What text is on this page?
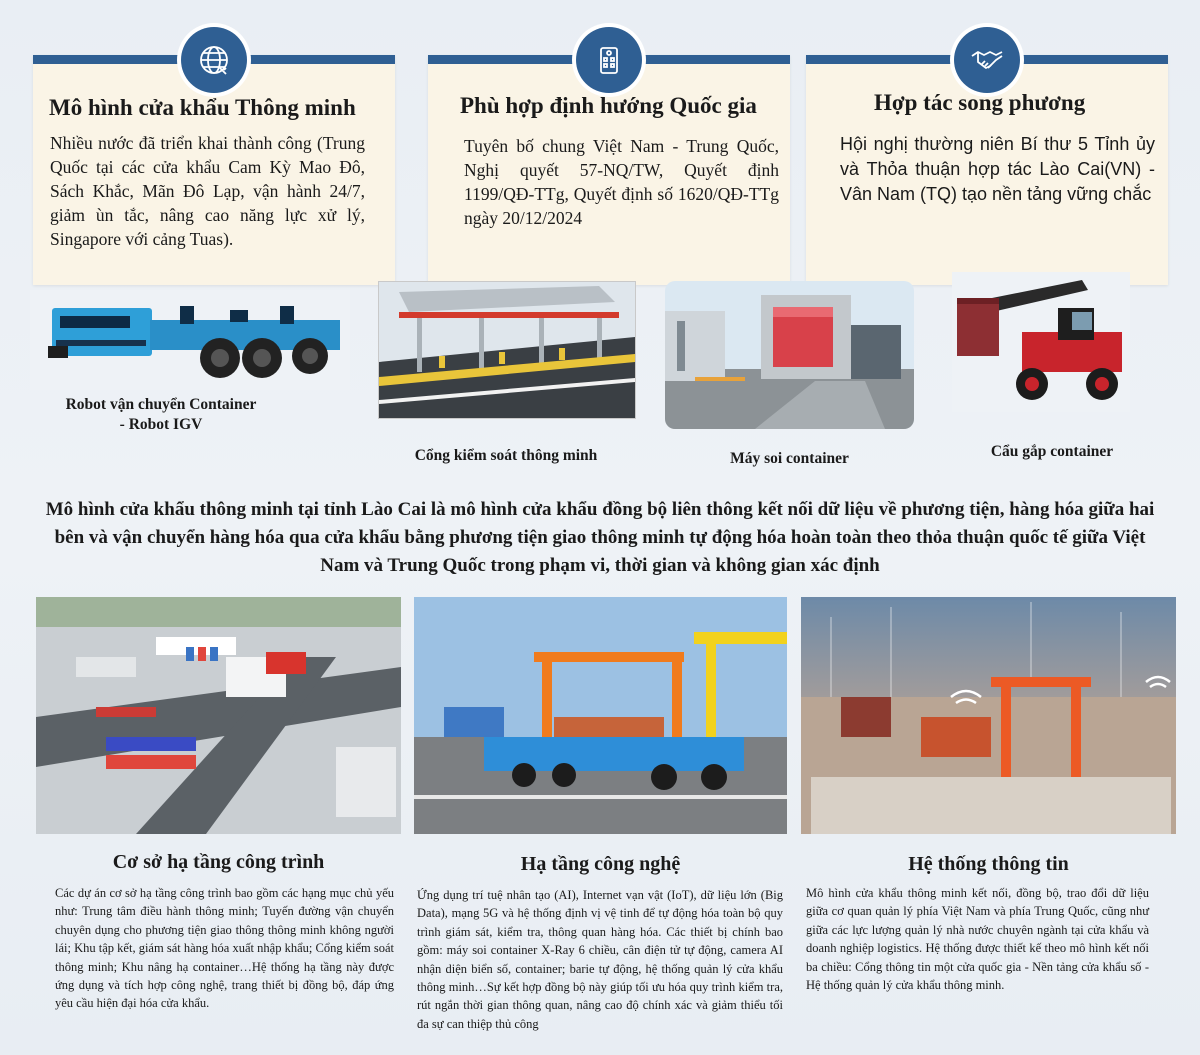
Mô hình cửa khẩu Thông minh

Nhiều nước đã triển khai thành công (Trung Quốc tại các cửa khẩu Cam Kỳ Mao Đô, Sách Khắc, Mãn Đô Lạp, vận hành 24/7, giảm ùn tắc, nâng cao năng lực xử lý, Singapore với cảng Tuas).

Phù hợp định hướng Quốc gia

Tuyên bố chung Việt Nam - Trung Quốc, Nghị quyết 57-NQ/TW, Quyết định 1199/QĐ-TTg, Quyết định số 1620/QĐ-TTg ngày 20/12/2024

Hợp tác song phương

Hội nghị thường niên Bí thư 5 Tỉnh ủy và Thỏa thuận hợp tác Lào Cai(VN) - Vân Nam (TQ) tạo nền tảng vững chắc

Robot vận chuyển Container
- Robot IGV
Cổng kiểm soát thông minh	Máy soi container	Cẩu gắp container
Mô hình cửa khẩu thông minh tại tỉnh Lào Cai là mô hình cửa khẩu đồng bộ liên thông kết nối dữ liệu về phương tiện, hàng hóa giữa hai bên và vận chuyển hàng hóa qua cửa khẩu bằng phương tiện giao thông minh tự động hóa hoàn toàn theo thỏa thuận quốc tế giữa Việt Nam và Trung Quốc trong phạm vi, thời gian và không gian xác định
Cơ sở hạ tầng công trình

Các dự án cơ sở hạ tầng công trình bao gồm các hạng mục chủ yếu như: Trung tâm điều hành thông minh; Tuyến đường vận chuyển chuyên dụng cho phương tiện giao thông thông minh không người lái; Khu tập kết, giám sát hàng hóa xuất nhập khẩu; Cổng kiểm soát thông minh; Khu nâng hạ container…Hệ thống hạ tầng này được ứng dụng và tích hợp công nghệ, trang thiết bị đồng bộ, đáp ứng yêu cầu hiện đại hóa cửa khẩu.

Hạ tầng công nghệ

Ứng dụng trí tuệ nhân tạo (AI), Internet vạn vật (IoT), dữ liệu lớn (Big Data), mạng 5G và hệ thống định vị vệ tinh để tự động hóa toàn bộ quy trình giám sát, kiểm tra, thông quan hàng hóa. Các thiết bị chính bao gồm: máy soi container X-Ray 6 chiều, cân điện tử tự động, camera AI nhận diện biển số, container; barie tự động, hệ thống quản lý cửa khẩu thông minh…Sự kết hợp đồng bộ này giúp tối ưu hóa quy trình kiểm tra, rút ngắn thời gian thông quan, nâng cao độ chính xác và giảm thiểu tối đa sự can thiệp thủ công

Hệ thống thông tin

Mô hình cửa khẩu thông minh kết nối, đồng bộ, trao đổi dữ liệu giữa cơ quan quản lý phía Việt Nam và phía Trung Quốc, cũng như giữa các lực lượng quản lý nhà nước chuyên ngành tại cửa khẩu và doanh nghiệp logistics. Hệ thống được thiết kế theo mô hình kết nối ba chiều: Cổng thông tin một cửa quốc gia - Nền tảng cửa khẩu số - Hệ thống quản lý cửa khẩu thông minh.
